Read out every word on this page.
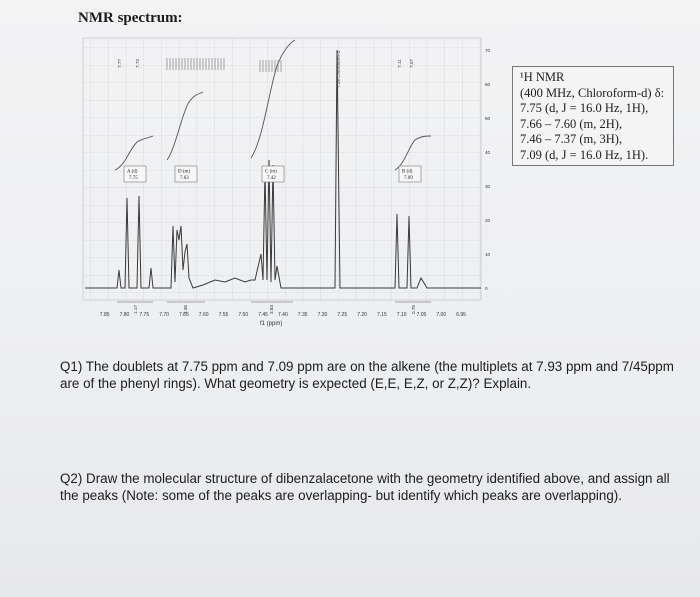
NMR spectrum:
70
60
50
40
30
20
10
0
7.85 7.80 7.75 7.70 7.65 7.60 7.55 7.50 7.45 7.40 7.35 7.30 7.25 7.20 7.15 7.10 7.05 7.00 6.95
f1 (ppm)
A (d)
7.75
D (m)
7.63
C (m)
7.42
B (d)
7.09
7.77	7.73	7.11 7.07
7.26 Chloroform-d
1.17	2.36	3.83	0.75
¹H NMR
(400 MHz, Chloroform-d) δ:
7.75 (d, J = 16.0 Hz, 1H),
7.66 – 7.60 (m, 2H),
7.46 – 7.37 (m, 3H),
7.09 (d, J = 16.0 Hz, 1H).
Q1) The doublets at 7.75 ppm and 7.09 ppm are on the alkene (the multiplets at 7.93 ppm and 7/45ppm are of the phenyl rings). What geometry is expected (E,E, E,Z, or Z,Z)? Explain.
Q2) Draw the molecular structure of dibenzalacetone with the geometry identified above, and assign all the peaks (Note: some of the peaks are overlapping- but identify which peaks are overlapping).
